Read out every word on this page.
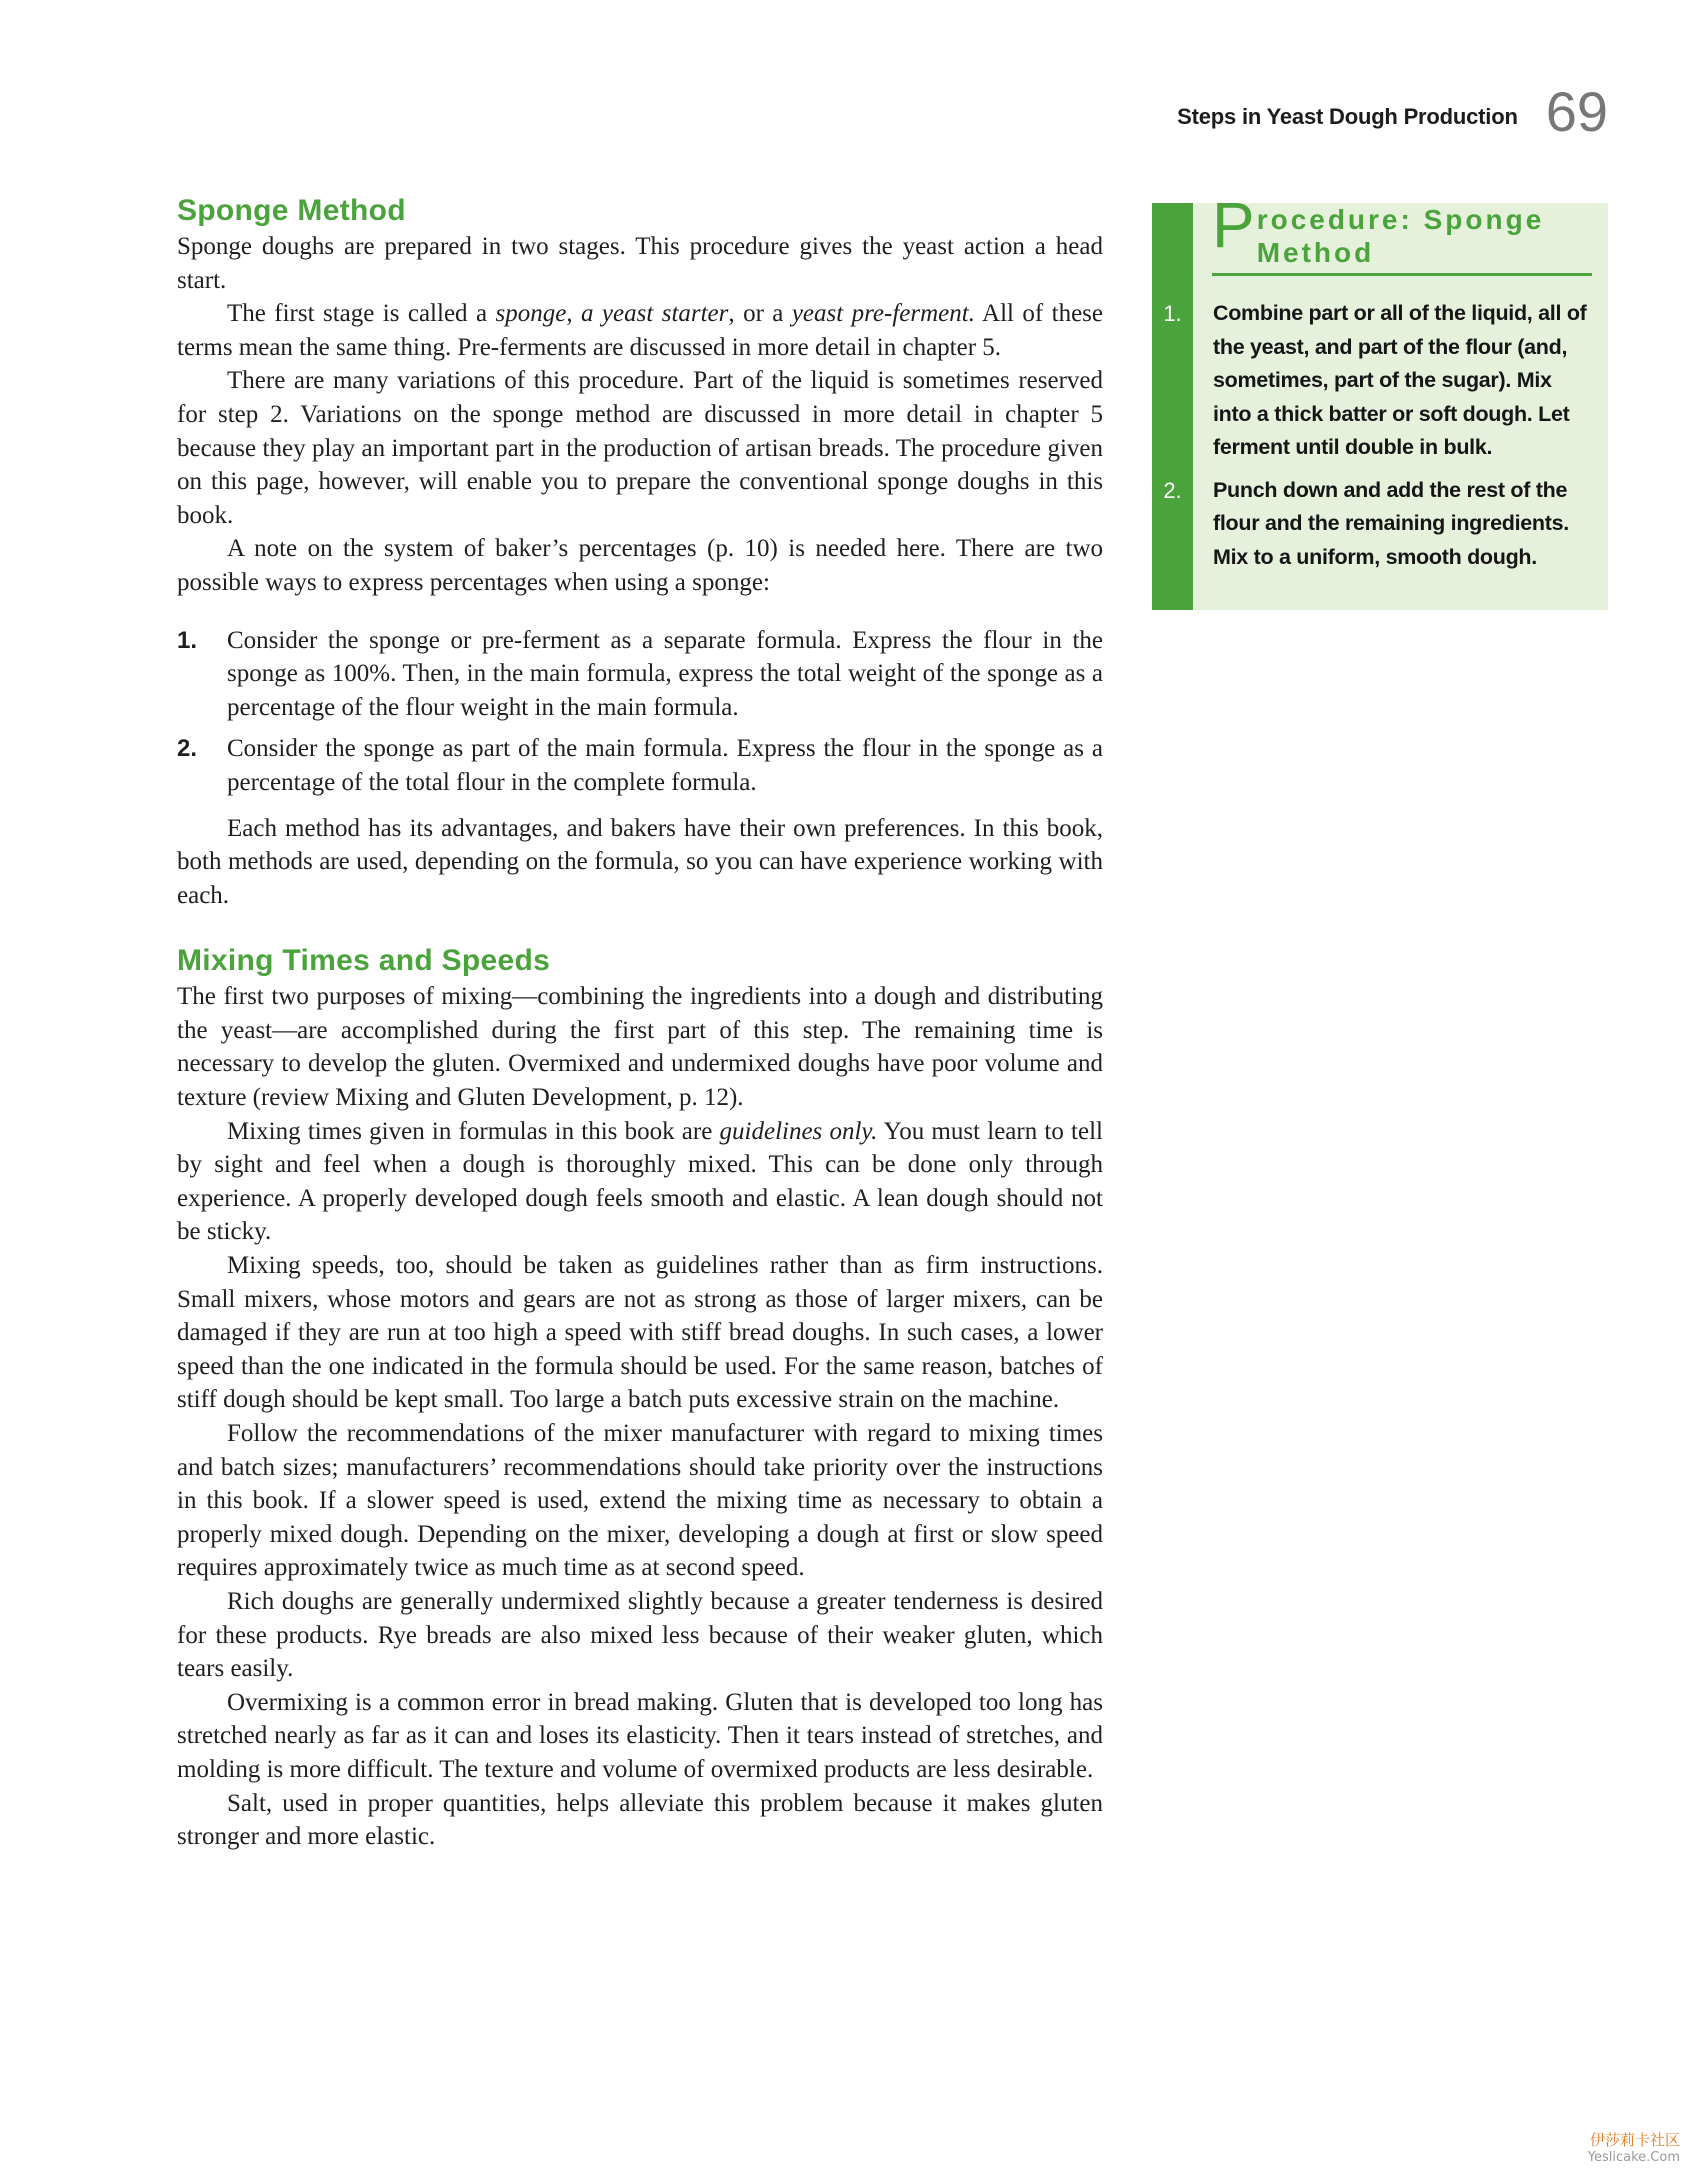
Steps in Yeast Dough Production 69
Sponge Method

Sponge doughs are prepared in two stages. This procedure gives the yeast action a head start.

The first stage is called a sponge, a yeast starter, or a yeast pre-ferment. All of these terms mean the same thing. Pre-ferments are discussed in more detail in chapter 5.

There are many variations of this procedure. Part of the liquid is sometimes reserved for step 2. Variations on the sponge method are discussed in more detail in chapter 5 because they play an important part in the production of artisan breads. The procedure given on this page, however, will enable you to prepare the conventional sponge doughs in this book.

A note on the system of baker’s percentages (p. 10) is needed here. There are two possible ways to express percentages when using a sponge:

1.	Consider the sponge or pre-ferment as a separate formula. Express the flour in the sponge as 100%. Then, in the main formula, express the total weight of the sponge as a percentage of the flour weight in the main formula.
2.	Consider the sponge as part of the main formula. Express the flour in the sponge as a percentage of the total flour in the complete formula.

Each method has its advantages, and bakers have their own preferences. In this book, both methods are used, depending on the formula, so you can have experience working with each.

Mixing Times and Speeds

The first two purposes of mixing—combining the ingredients into a dough and distributing the yeast—are accomplished during the first part of this step. The remaining time is necessary to develop the gluten. Overmixed and undermixed doughs have poor volume and texture (review Mixing and Gluten Development, p. 12).

Mixing times given in formulas in this book are guidelines only. You must learn to tell by sight and feel when a dough is thoroughly mixed. This can be done only through experience. A properly developed dough feels smooth and elastic. A lean dough should not be sticky.

Mixing speeds, too, should be taken as guidelines rather than as firm instructions. Small mixers, whose motors and gears are not as strong as those of larger mixers, can be damaged if they are run at too high a speed with stiff bread doughs. In such cases, a lower speed than the one indicated in the formula should be used. For the same reason, batches of stiff dough should be kept small. Too large a batch puts excessive strain on the machine.

Follow the recommendations of the mixer manufacturer with regard to mixing times and batch sizes; manufacturers’ recommendations should take priority over the instructions in this book. If a slower speed is used, extend the mixing time as necessary to obtain a properly mixed dough. Depending on the mixer, developing a dough at first or slow speed requires approximately twice as much time as at second speed.

Rich doughs are generally undermixed slightly because a greater tenderness is desired for these products. Rye breads are also mixed less because of their weaker gluten, which tears easily.

Overmixing is a common error in bread making. Gluten that is developed too long has stretched nearly as far as it can and loses its elasticity. Then it tears instead of stretches, and molding is more difficult. The texture and volume of overmixed products are less desirable.

Salt, used in proper quantities, helps alleviate this problem because it makes gluten stronger and more elastic.

Procedure: Sponge Method
1.	Combine part or all of the liquid, all of the yeast, and part of the flour (and, sometimes, part of the sugar). Mix into a thick batter or soft dough. Let ferment until double in bulk.
2.	Punch down and add the rest of the flour and the remaining ingredients. Mix to a uniform, smooth dough.
伊莎莉卡社区
Yeslicake.Com
